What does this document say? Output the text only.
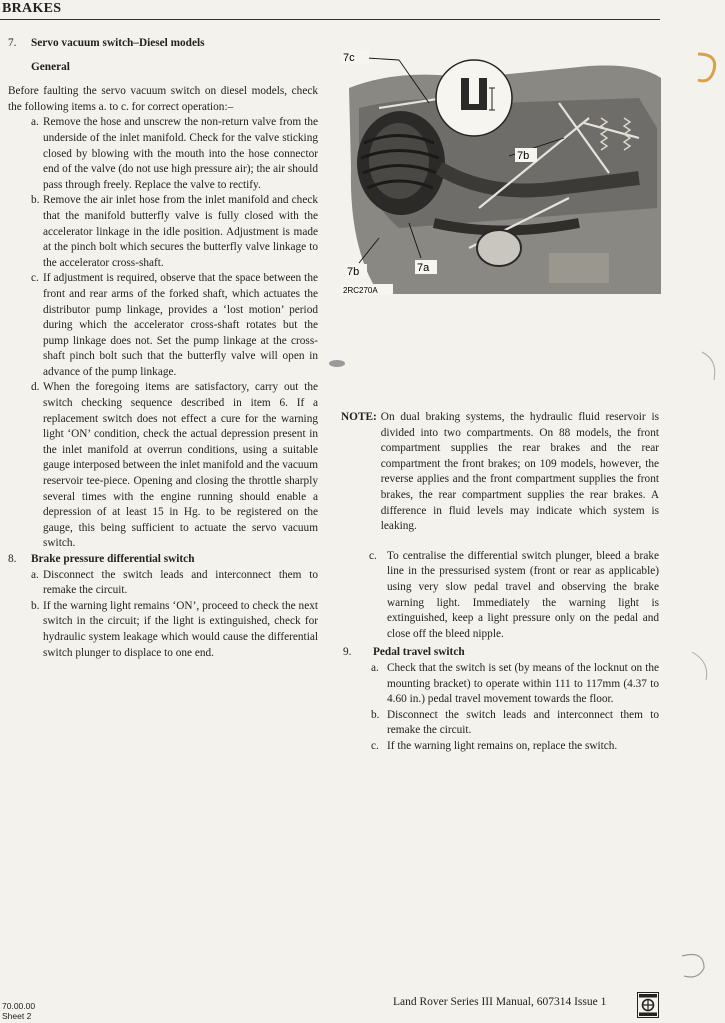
BRAKES
7.	Servo vacuum switch–Diesel models
General

Before faulting the servo vacuum switch on diesel models, check the following items a. to c. for correct operation:–

a. Remove the hose and unscrew the non-return valve from the underside of the inlet manifold. Check for the valve sticking closed by blowing with the mouth into the hose connector end of the valve (do not use high pressure air); the air should pass through freely. Replace the valve to rectify.
b. Remove the air inlet hose from the inlet manifold and check that the manifold butterfly valve is fully closed with the accelerator linkage in the idle position. Adjustment is made at the pinch bolt which secures the butterfly valve linkage to the accelerator cross-shaft.
c. If adjustment is required, observe that the space between the front and rear arms of the forked shaft, which actuates the distributor pump linkage, provides a ‘lost motion’ period during which the accelerator cross-shaft rotates but the pump linkage does not. Set the pump linkage at the cross-shaft pinch bolt such that the butterfly valve will open in advance of the pump linkage.
d. When the foregoing items are satisfactory, carry out the switch checking sequence described in item 6. If a replacement switch does not effect a cure for the warning light ‘ON’ condition, check the actual depression present in the inlet manifold at overrun conditions, using a suitable gauge interposed between the inlet manifold and the vacuum reservoir tee-piece. Opening and closing the throttle sharply several times with the engine running should enable a depression of at least 15 in Hg. to be registered on the gauge, this being sufficient to actuate the servo vacuum switch.
8.	Brake pressure differential switch
a. Disconnect the switch leads and interconnect them to remake the circuit.
b. If the warning light remains ‘ON’, proceed to check the next switch in the circuit; if the light is extinguished, check for hydraulic system leakage which would cause the differential switch plunger to displace to one end.
7c
7b
7b	7a
2RC270A
NOTE: On dual braking systems, the hydraulic fluid reservoir is divided into two compartments. On 88 models, the front compartment supplies the rear brakes and the rear compartment the front brakes; on 109 models, however, the reverse applies and the front compartment supplies the front brakes, the rear compartment supplies the rear brakes. A difference in fluid levels may indicate which system is leaking.
c. To centralise the differential switch plunger, bleed a brake line in the pressurised system (front or rear as applicable) using very slow pedal travel and observing the brake warning light. Immediately the warning light is extinguished, keep a light pressure only on the pedal and close off the bleed nipple.
9.	Pedal travel switch
a. Check that the switch is set (by means of the locknut on the mounting bracket) to operate within 111 to 117mm (4.37 to 4.60 in.) pedal travel movement towards the floor.
b. Disconnect the switch leads and interconnect them to remake the circuit.
c. If the warning light remains on, replace the switch.
70.00.00
Sheet 2
Land Rover Series III Manual, 607314 Issue 1
